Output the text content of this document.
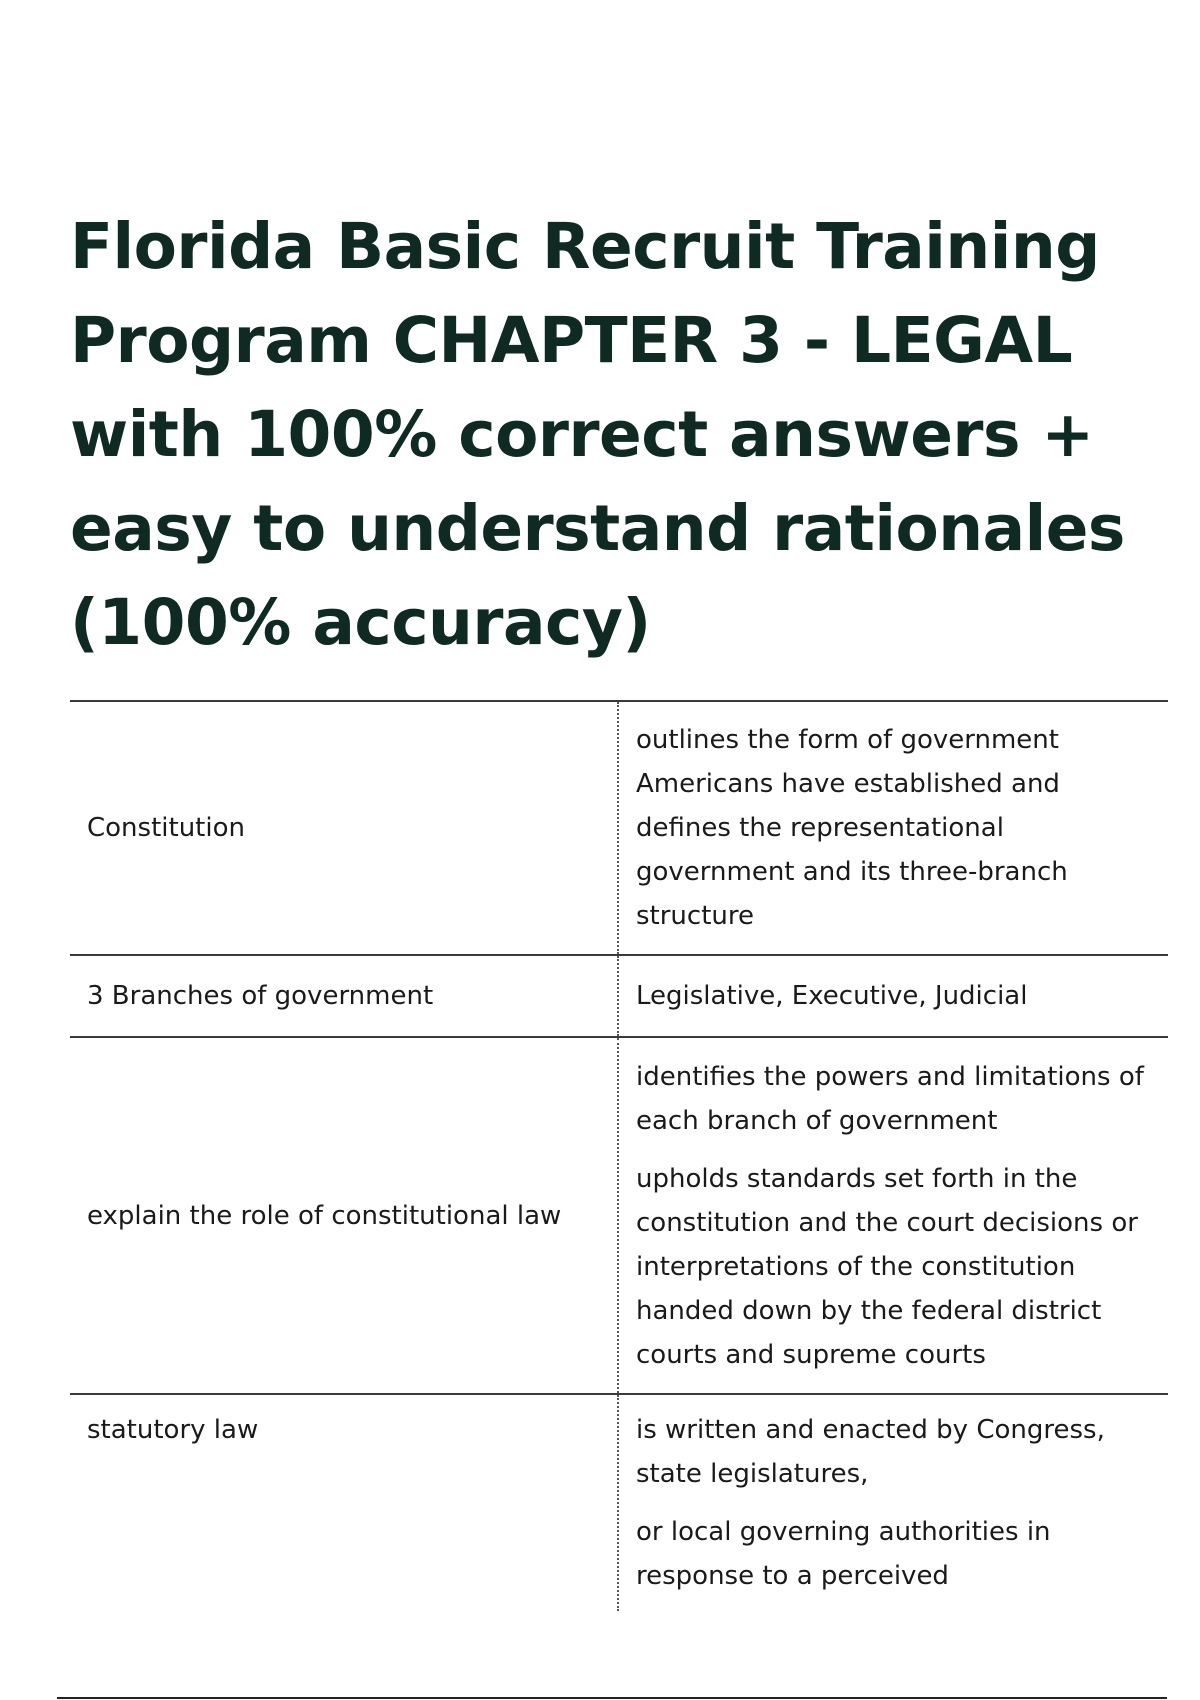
Florida Basic Recruit Training Program CHAPTER 3 - LEGAL with 100% correct answers + easy to understand rationales (100% accuracy)
Constitution	outlines the form of government Americans have established and defines the representational government and its three-branch structure

3 Branches of government	Legislative, Executive, Judicial

explain the role of constitutional law	identifies the powers and limitations of each branch of government

upholds standards set forth in the constitution and the court decisions or interpretations of the constitution handed down by the federal district courts and supreme courts

statutory law	is written and enacted by Congress, state legislatures,

or local governing authorities in response to a perceived
